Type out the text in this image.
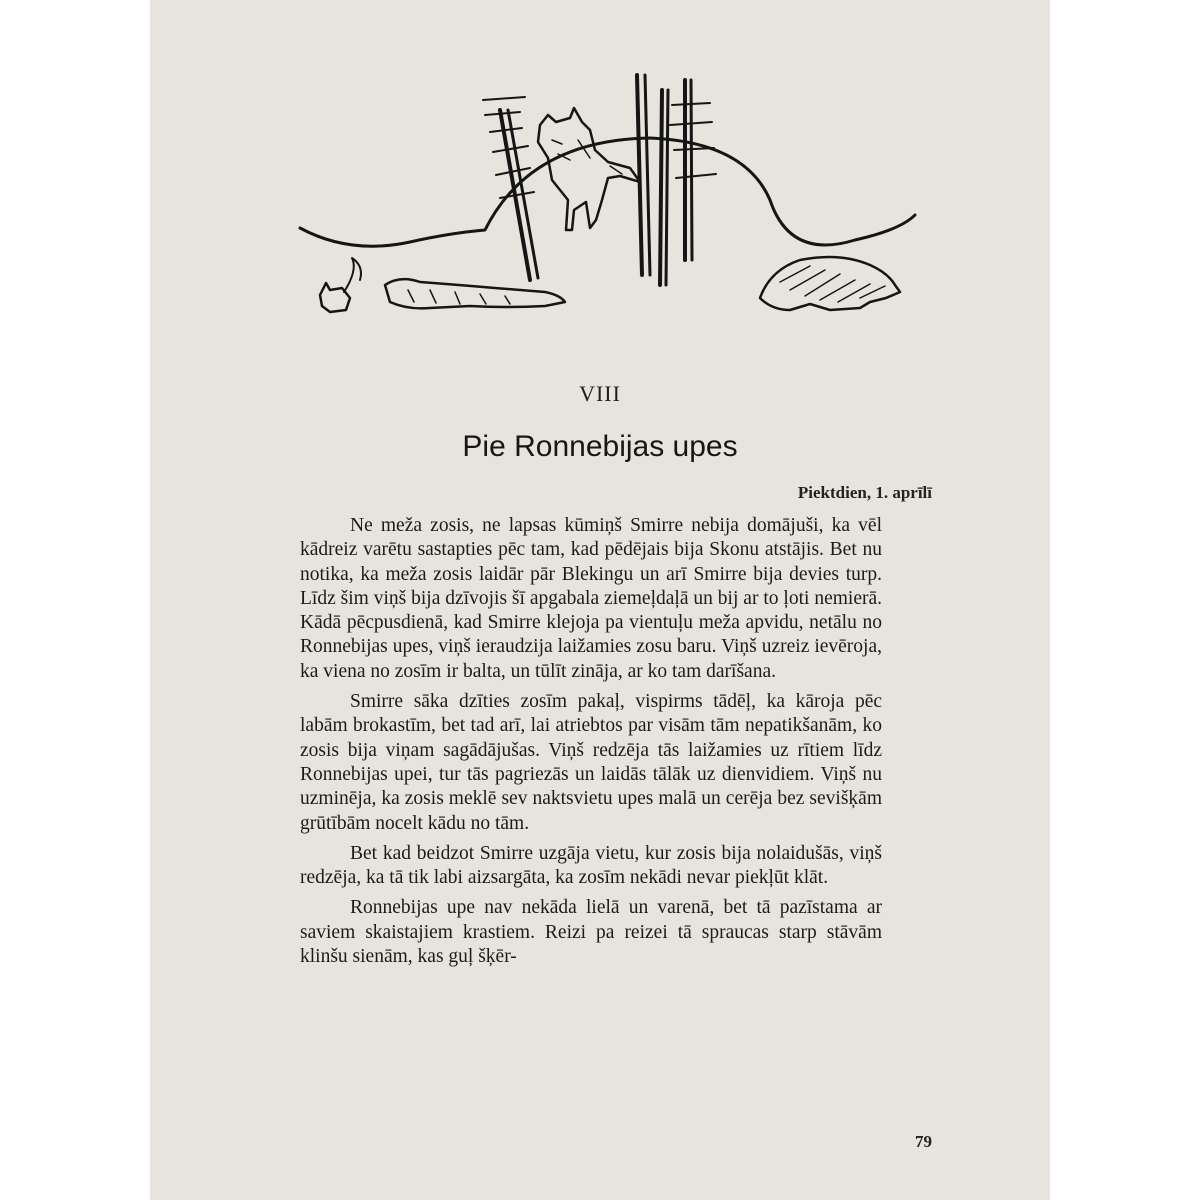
VIII
Pie Ronnebijas upes
Piektdien, 1. aprīlī

Ne meža zosis, ne lapsas kūmiņš Smirre nebija domājuši, ka vēl kādreiz varētu sastapties pēc tam, kad pēdējais bija Skonu atstājis. Bet nu notika, ka meža zosis laidār pār Blekingu un arī Smirre bija devies turp. Līdz šim viņš bija dzīvojis šī apgabala ziemeļdaļā un bij ar to ļoti nemierā. Kādā pēcpusdienā, kad Smirre klejoja pa vientuļu meža apvidu, netālu no Ronnebijas upes, viņš ieraudzija laižamies zosu baru. Viņš uzreiz ievēroja, ka viena no zosīm ir balta, un tūlīt zināja, ar ko tam darīšana.

Smirre sāka dzīties zosīm pakaļ, vispirms tādēļ, ka kāroja pēc labām brokastīm, bet tad arī, lai atriebtos par visām tām nepatikšanām, ko zosis bija viņam sagādājušas. Viņš redzēja tās laižamies uz rītiem līdz Ronnebijas upei, tur tās pagriezās un laidās tālāk uz dienvidiem. Viņš nu uzminēja, ka zosis meklē sev naktsvietu upes malā un cerēja bez sevišķām grūtībām nocelt kādu no tām.

Bet kad beidzot Smirre uzgāja vietu, kur zosis bija nolaidušās, viņš redzēja, ka tā tik labi aizsargāta, ka zosīm nekādi nevar piekļūt klāt.

Ronnebijas upe nav nekāda lielā un varenā, bet tā pazīstama ar saviem skaistajiem krastiem. Reizi pa reizei tā spraucas starp stāvām klinšu sienām, kas guļ šķēr-

79
